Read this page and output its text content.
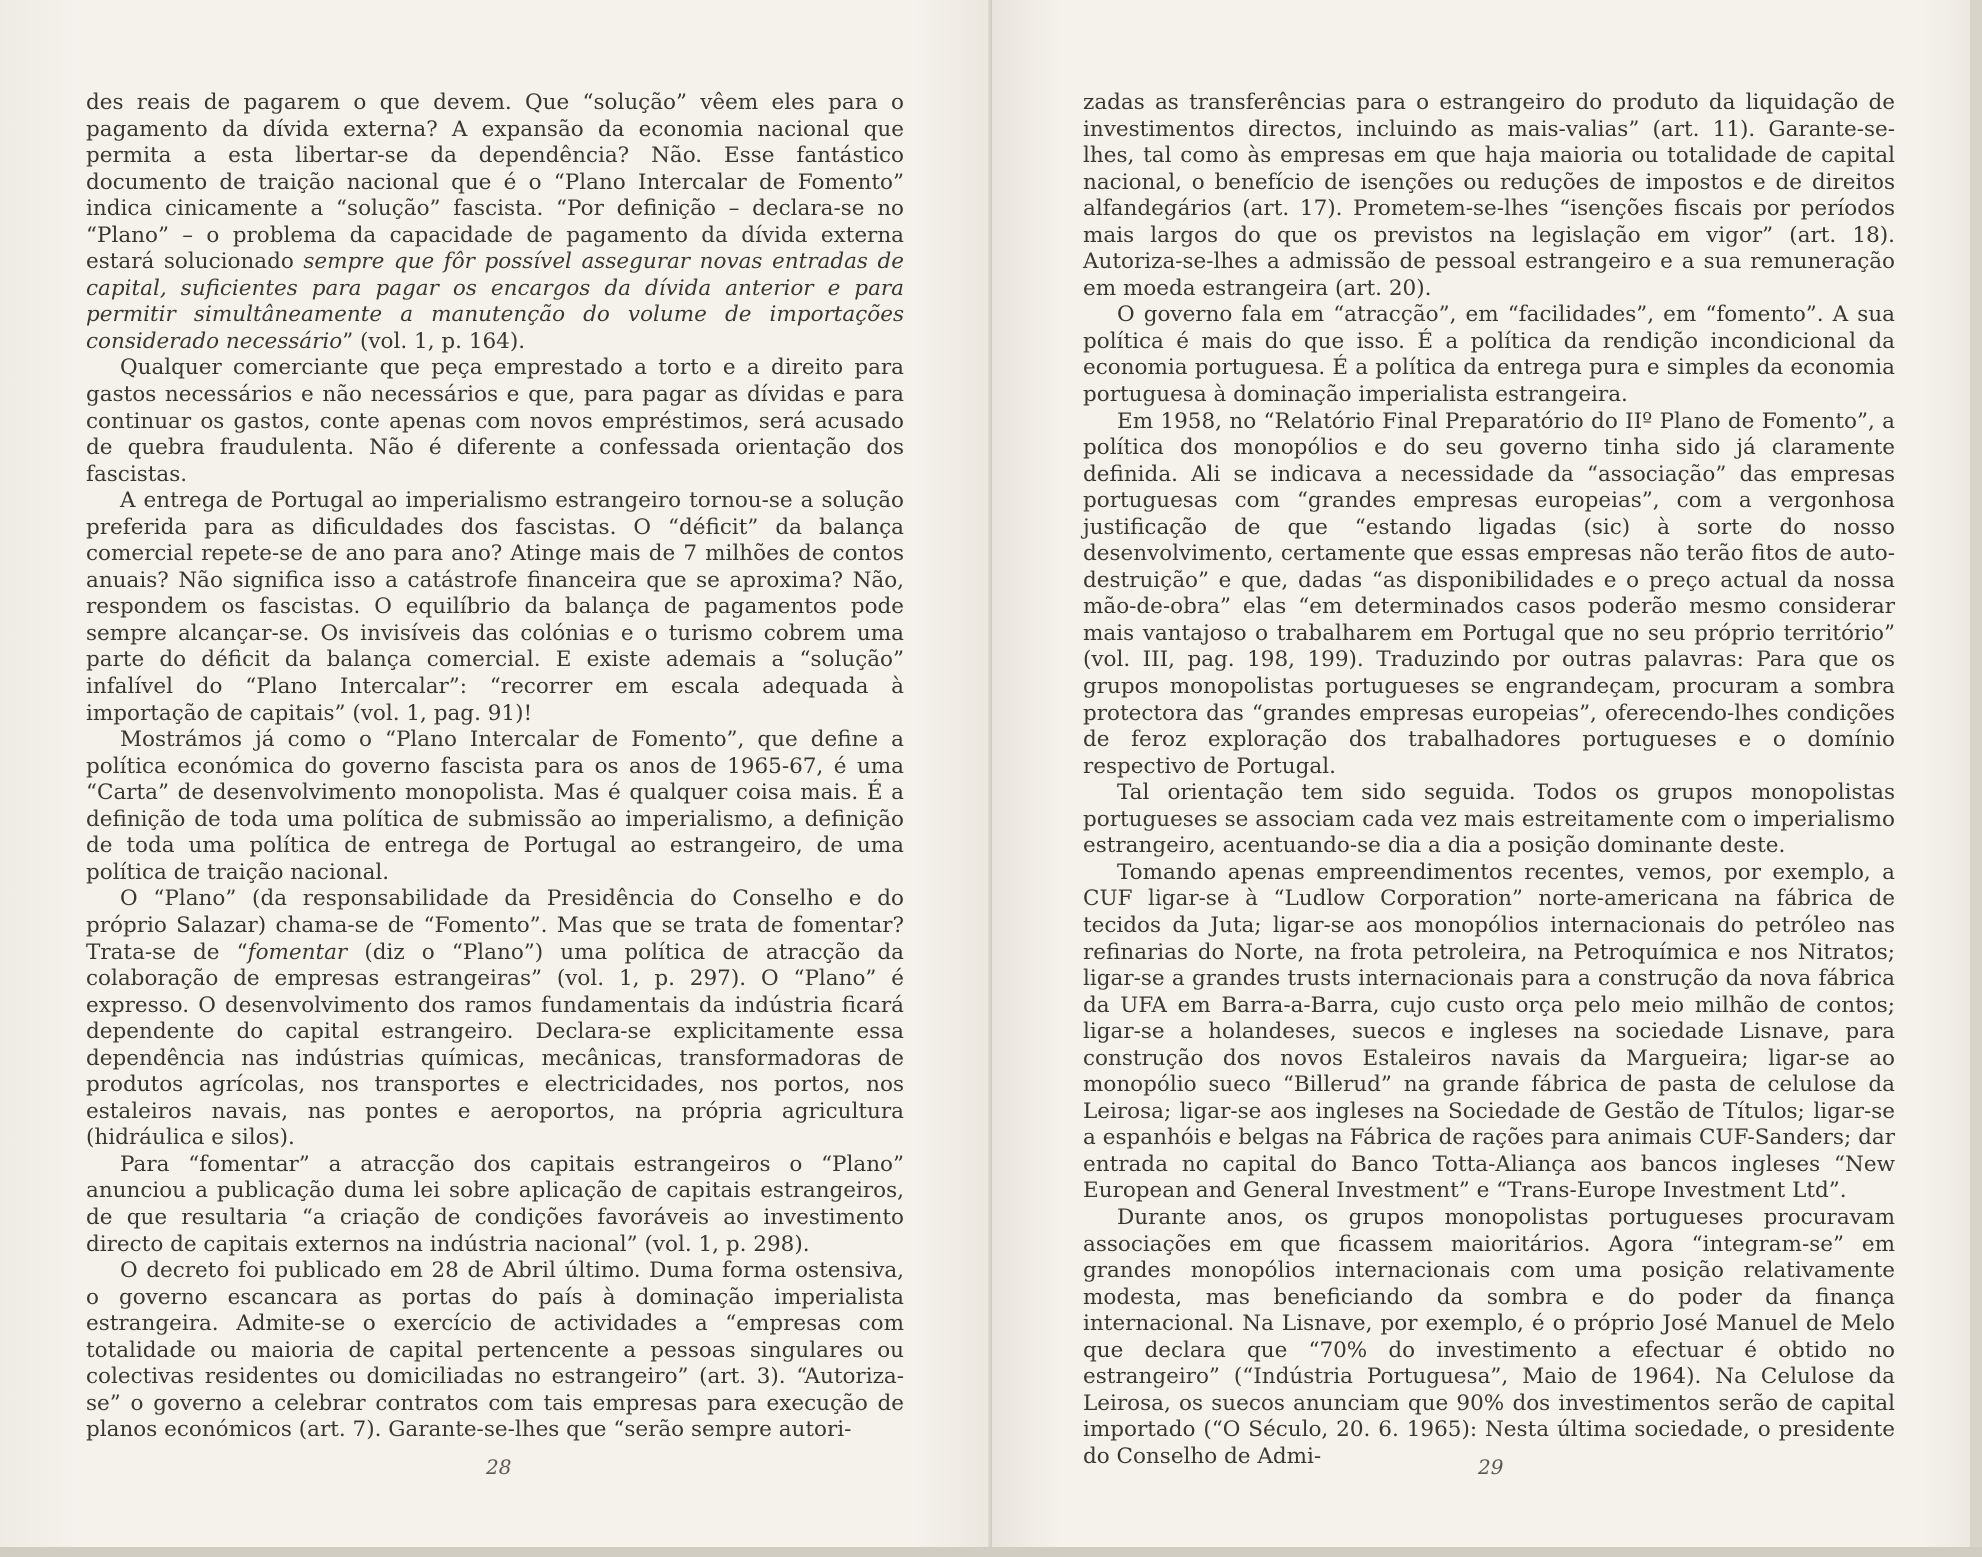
des reais de pagarem o que devem. Que “solução” vêem eles para o pagamento da dívida externa? A expansão da economia nacional que permita a esta libertar-se da dependência? Não. Esse fantástico documento de traição nacional que é o “Plano Intercalar de Fomento” indica cinicamente a “solução” fascista. “Por definição – declara-se no “Plano” – o problema da capacidade de pagamento da dívida externa estará solucionado sempre que fôr possível assegurar novas entradas de capital, suficientes para pagar os encargos da dívida anterior e para permitir simultâneamente a manutenção do volume de importações considerado necessário” (vol. 1, p. 164).

Qualquer comerciante que peça emprestado a torto e a direito para gastos necessários e não necessários e que, para pagar as dívidas e para continuar os gastos, conte apenas com novos empréstimos, será acusado de quebra fraudulenta. Não é diferente a confessada orientação dos fascistas.

A entrega de Portugal ao imperialismo estrangeiro tornou-se a solução preferida para as dificuldades dos fascistas. O “déficit” da balança comercial repete-se de ano para ano? Atinge mais de 7 milhões de contos anuais? Não significa isso a catástrofe financeira que se aproxima? Não, respondem os fascistas. O equilíbrio da balança de pagamentos pode sempre alcançar-se. Os invisíveis das colónias e o turismo cobrem uma parte do déficit da balança comercial. E existe ademais a “solução” infalível do “Plano Intercalar”: “recorrer em escala adequada à importação de capitais” (vol. 1, pag. 91)!

Mostrámos já como o “Plano Intercalar de Fomento”, que define a política económica do governo fascista para os anos de 1965-67, é uma “Carta” de desenvolvimento monopolista. Mas é qualquer coisa mais. É a definição de toda uma política de submissão ao imperialismo, a definição de toda uma política de entrega de Portugal ao estrangeiro, de uma política de traição nacional.

O “Plano” (da responsabilidade da Presidência do Conselho e do próprio Salazar) chama-se de “Fomento”. Mas que se trata de fomentar? Trata-se de “fomentar (diz o “Plano”) uma política de atracção da colaboração de empresas estrangeiras” (vol. 1, p. 297). O “Plano” é expresso. O desenvolvimento dos ramos fundamentais da indústria ficará dependente do capital estrangeiro. Declara-se explicitamente essa dependência nas indústrias químicas, mecânicas, transformadoras de produtos agrícolas, nos transportes e electricidades, nos portos, nos estaleiros navais, nas pontes e aeroportos, na própria agricultura (hidráulica e silos).

Para “fomentar” a atracção dos capitais estrangeiros o “Plano” anunciou a publicação duma lei sobre aplicação de capitais estrangeiros, de que resultaria “a criação de condições favoráveis ao investimento directo de capitais externos na indústria nacional” (vol. 1, p. 298).

O decreto foi publicado em 28 de Abril último. Duma forma ostensiva, o governo escancara as portas do país à dominação imperialista estrangeira. Admite-se o exercício de actividades a “empresas com totalidade ou maioria de capital pertencente a pessoas singulares ou colectivas residentes ou domiciliadas no estrangeiro” (art. 3). “Autoriza-se” o governo a celebrar contratos com tais empresas para execução de planos económicos (art. 7). Garante-se-lhes que “serão sempre autori-

28

zadas as transferências para o estrangeiro do produto da liquidação de investimentos directos, incluindo as mais-valias” (art. 11). Garante-se-lhes, tal como às empresas em que haja maioria ou totalidade de capital nacional, o benefício de isenções ou reduções de impostos e de direitos alfandegários (art. 17). Prometem-se-lhes “isenções fiscais por períodos mais largos do que os previstos na legislação em vigor” (art. 18). Autoriza-se-lhes a admissão de pessoal estrangeiro e a sua remuneração em moeda estrangeira (art. 20).

O governo fala em “atracção”, em “facilidades”, em “fomento”. A sua política é mais do que isso. É a política da rendição incondicional da economia portuguesa. É a política da entrega pura e simples da economia portuguesa à dominação imperialista estrangeira.

Em 1958, no “Relatório Final Preparatório do IIº Plano de Fomento”, a política dos monopólios e do seu governo tinha sido já claramente definida. Ali se indicava a necessidade da “associação” das empresas portuguesas com “grandes empresas europeias”, com a vergonhosa justificação de que “estando ligadas (sic) à sorte do nosso desenvolvimento, certamente que essas empresas não terão fitos de auto-destruição” e que, dadas “as disponibilidades e o preço actual da nossa mão-de-obra” elas “em determinados casos poderão mesmo considerar mais vantajoso o trabalharem em Portugal que no seu próprio território” (vol. III, pag. 198, 199). Traduzindo por outras palavras: Para que os grupos monopolistas portugueses se engrandeçam, procuram a sombra protectora das “grandes empresas europeias”, oferecendo-lhes condições de feroz exploração dos trabalhadores portugueses e o domínio respectivo de Portugal.

Tal orientação tem sido seguida. Todos os grupos monopolistas portugueses se associam cada vez mais estreitamente com o imperialismo estrangeiro, acentuando-se dia a dia a posição dominante deste.

Tomando apenas empreendimentos recentes, vemos, por exemplo, a CUF ligar-se à “Ludlow Corporation” norte-americana na fábrica de tecidos da Juta; ligar-se aos monopólios internacionais do petróleo nas refinarias do Norte, na frota petroleira, na Petroquímica e nos Nitratos; ligar-se a grandes trusts internacionais para a construção da nova fábrica da UFA em Barra-a-Barra, cujo custo orça pelo meio milhão de contos; ligar-se a holandeses, suecos e ingleses na sociedade Lisnave, para construção dos novos Estaleiros navais da Margueira; ligar-se ao monopólio sueco “Billerud” na grande fábrica de pasta de celulose da Leirosa; ligar-se aos ingleses na Sociedade de Gestão de Títulos; ligar-se a espanhóis e belgas na Fábrica de rações para animais CUF-Sanders; dar entrada no capital do Banco Totta-Aliança aos bancos ingleses “New European and General Investment” e “Trans-Europe Investment Ltd”.

Durante anos, os grupos monopolistas portugueses procuravam associações em que ficassem maioritários. Agora “integram-se” em grandes monopólios internacionais com uma posição relativamente modesta, mas beneficiando da sombra e do poder da finança internacional. Na Lisnave, por exemplo, é o próprio José Manuel de Melo que declara que “70% do investimento a efectuar é obtido no estrangeiro” (“Indústria Portuguesa”, Maio de 1964). Na Celulose da Leirosa, os suecos anunciam que 90% dos investimentos serão de capital importado (“O Século, 20. 6. 1965): Nesta última sociedade, o presidente do Conselho de Admi-	29
